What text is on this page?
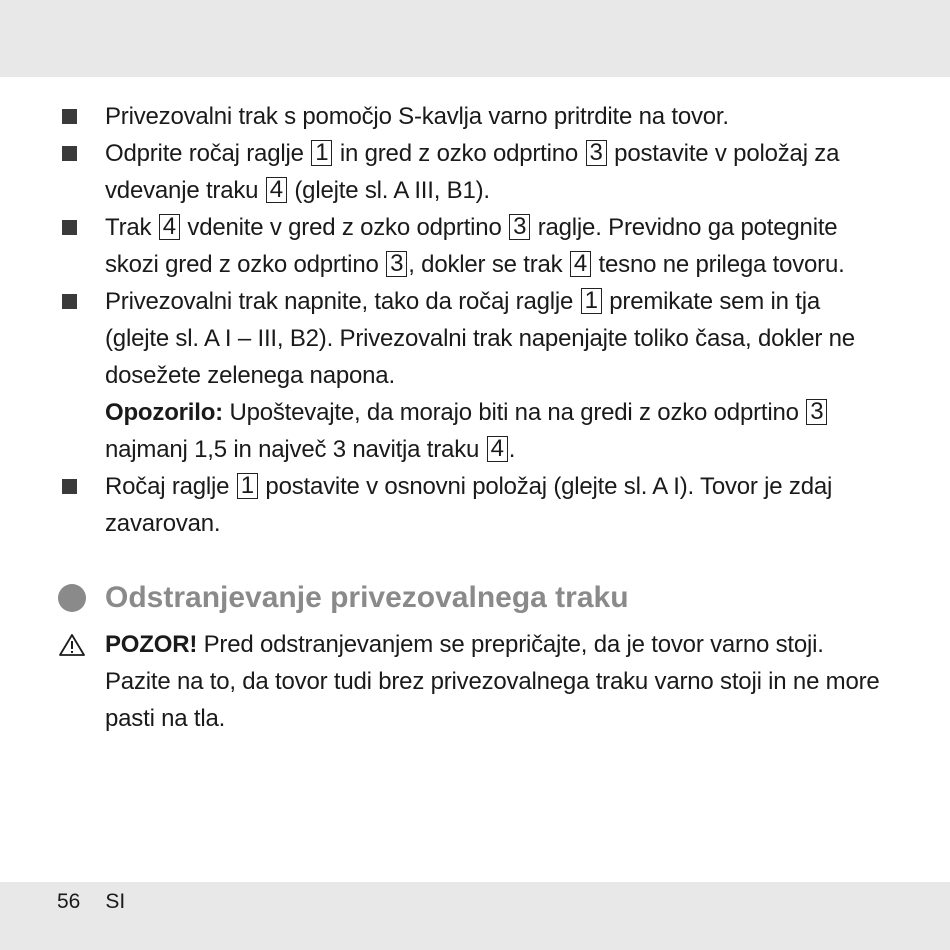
Privezovalni trak s pomočjo S-kavlja varno pritrdite na tovor.
Odprite ročaj raglje 1 in gred z ozko odprtino 3 postavite v položaj za vdevanje traku 4 (glejte sl. A III, B1).
Trak 4 vdenite v gred z ozko odprtino 3 raglje. Previdno ga potegnite skozi gred z ozko odprtino 3 , dokler se trak 4 tesno ne prilega tovoru.
Privezovalni trak napnite, tako da ročaj raglje 1 premikate sem in tja (glejte sl. A I – III, B2). Privezovalni trak napenjajte toliko časa, dokler ne dosežete zelenega napona.
Opozorilo: Upoštevajte, da morajo biti na na gredi z ozko odprtino 3 najmanj 1,5 in največ 3 navitja traku 4 .
Ročaj raglje 1 postavite v osnovni položaj (glejte sl. A I). Tovor je zdaj zavarovan.
Odstranjevanje privezovalnega traku
POZOR! Pred odstranjevanjem se prepričajte, da je tovor varno stoji. Pazite na to, da tovor tudi brez privezovalnega traku varno stoji in ne more pasti na tla.
56 SI
